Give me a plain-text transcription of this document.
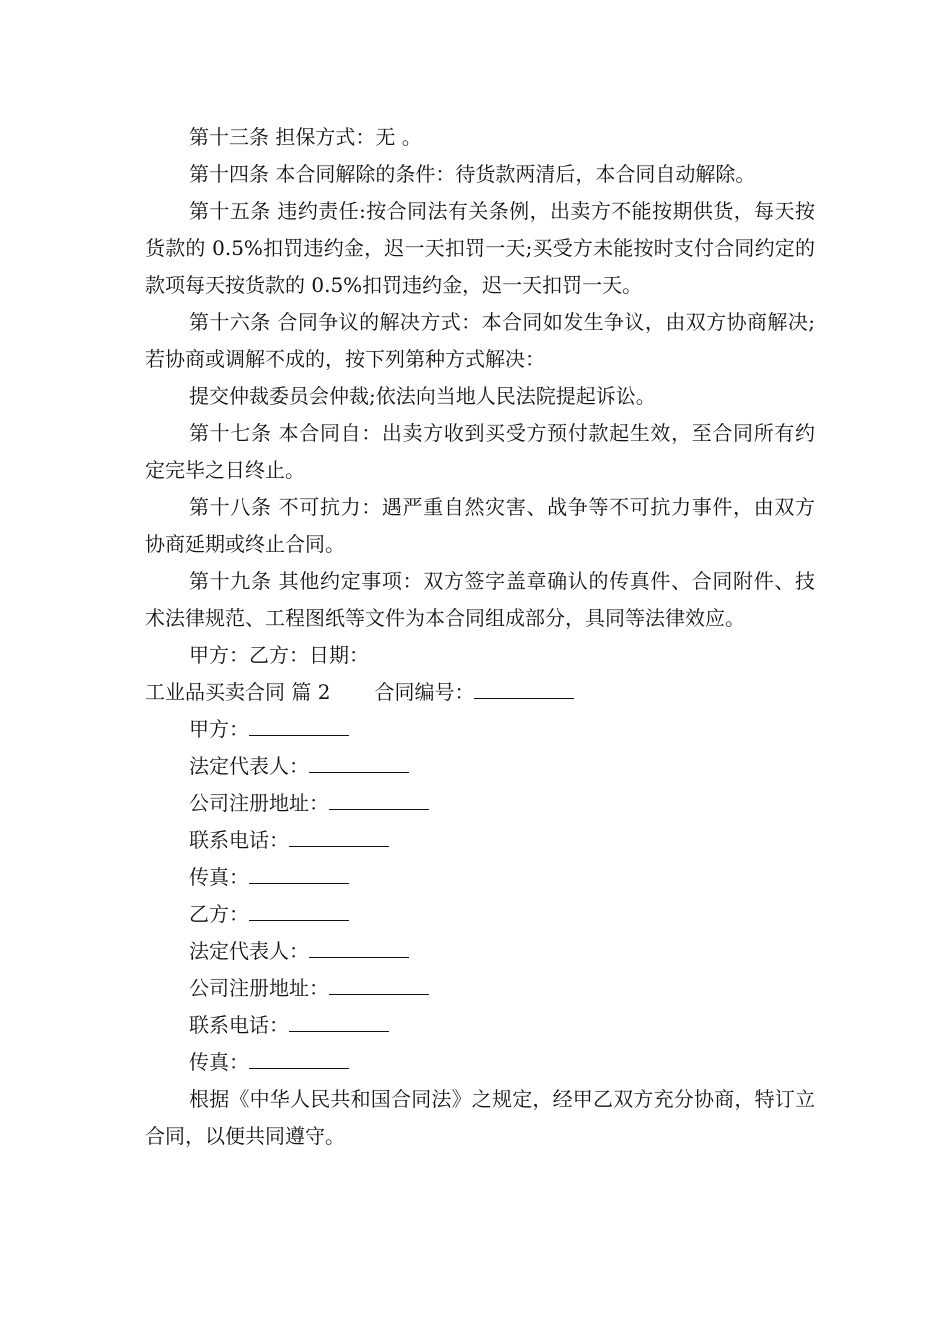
第十三条 担保方式：无 。

第十四条 本合同解除的条件：待货款两清后，本合同自动解除。

第十五条 违约责任:按合同法有关条例，出卖方不能按期供货，每天按货款的 0.5%扣罚违约金，迟一天扣罚一天;买受方未能按时支付合同约定的款项每天按货款的 0.5%扣罚违约金，迟一天扣罚一天。

第十六条 合同争议的解决方式：本合同如发生争议，由双方协商解决;若协商或调解不成的，按下列第种方式解决：

提交仲裁委员会仲裁;依法向当地人民法院提起诉讼。

第十七条 本合同自：出卖方收到买受方预付款起生效，至合同所有约定完毕之日终止。

第十八条 不可抗力：遇严重自然灾害、战争等不可抗力事件，由双方协商延期或终止合同。

第十九条 其他约定事项：双方签字盖章确认的传真件、合同附件、技术法律规范、工程图纸等文件为本合同组成部分，具同等法律效应。

甲方：乙方：日期：

工业品买卖合同 篇 2 合同编号：

甲方：

法定代表人：

公司注册地址：

联系电话：

传真：

乙方：

法定代表人：

公司注册地址：

联系电话：

传真：

根据《中华人民共和国合同法》之规定，经甲乙双方充分协商，特订立合同，以便共同遵守。
